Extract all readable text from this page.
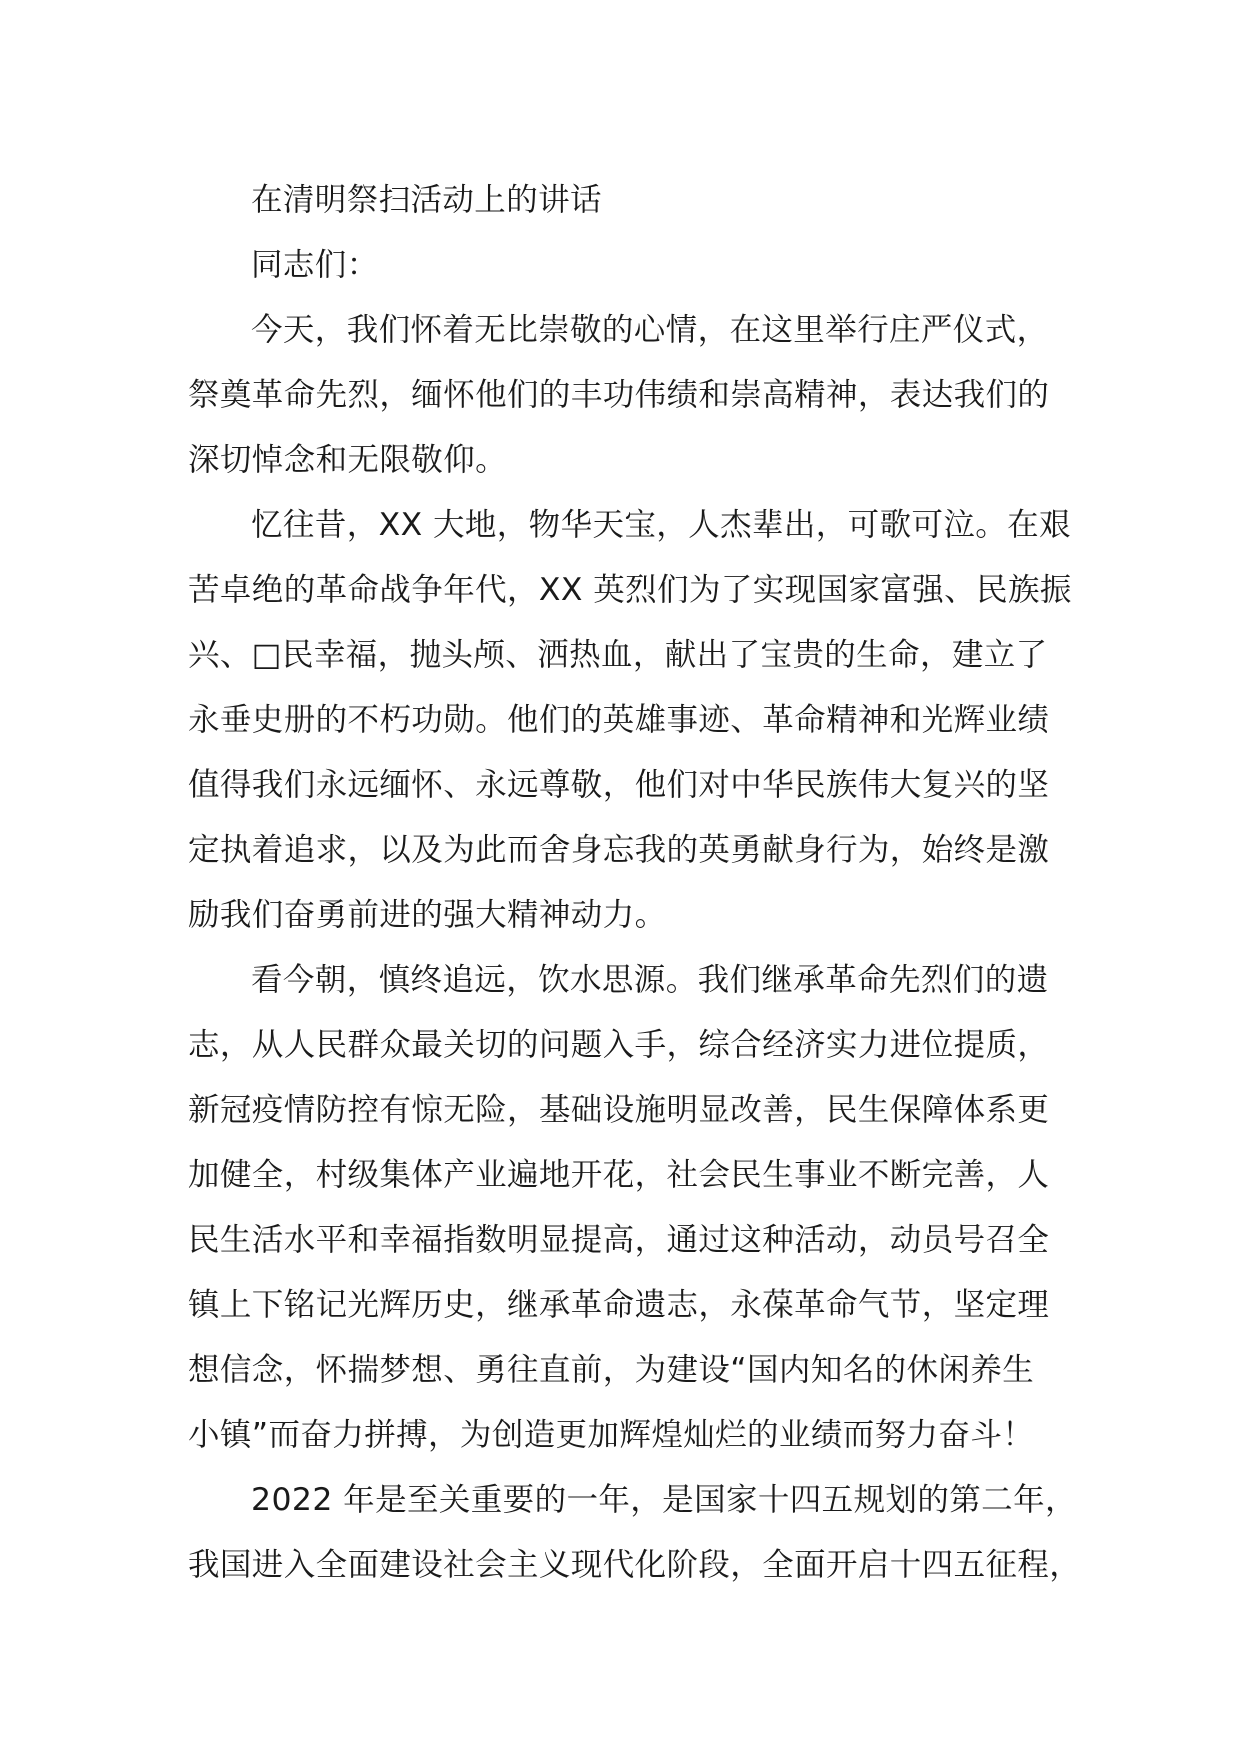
在清明祭扫活动上的讲话

同志们：

今天，我们怀着无比崇敬的心情，在这里举行庄严仪式，
祭奠革命先烈，缅怀他们的丰功伟绩和崇高精神，表达我们的
深切悼念和无限敬仰。

忆往昔，XX 大地，物华天宝，人杰辈出，可歌可泣。在艰
苦卓绝的革命战争年代，XX 英烈们为了实现国家富强、民族振
兴、□民幸福，抛头颅、洒热血，献出了宝贵的生命，建立了
永垂史册的不朽功勋。他们的英雄事迹、革命精神和光辉业绩
值得我们永远缅怀、永远尊敬，他们对中华民族伟大复兴的坚
定执着追求，以及为此而舍身忘我的英勇献身行为，始终是激
励我们奋勇前进的强大精神动力。

看今朝，慎终追远，饮水思源。我们继承革命先烈们的遗
志，从人民群众最关切的问题入手，综合经济实力进位提质，
新冠疫情防控有惊无险，基础设施明显改善，民生保障体系更
加健全，村级集体产业遍地开花，社会民生事业不断完善，人
民生活水平和幸福指数明显提高，通过这种活动，动员号召全
镇上下铭记光辉历史，继承革命遗志，永葆革命气节，坚定理
想信念，怀揣梦想、勇往直前，为建设“国内知名的休闲养生
小镇”而奋力拼搏，为创造更加辉煌灿烂的业绩而努力奋斗！

2022 年是至关重要的一年，是国家十四五规划的第二年，
我国进入全面建设社会主义现代化阶段，全面开启十四五征程，
